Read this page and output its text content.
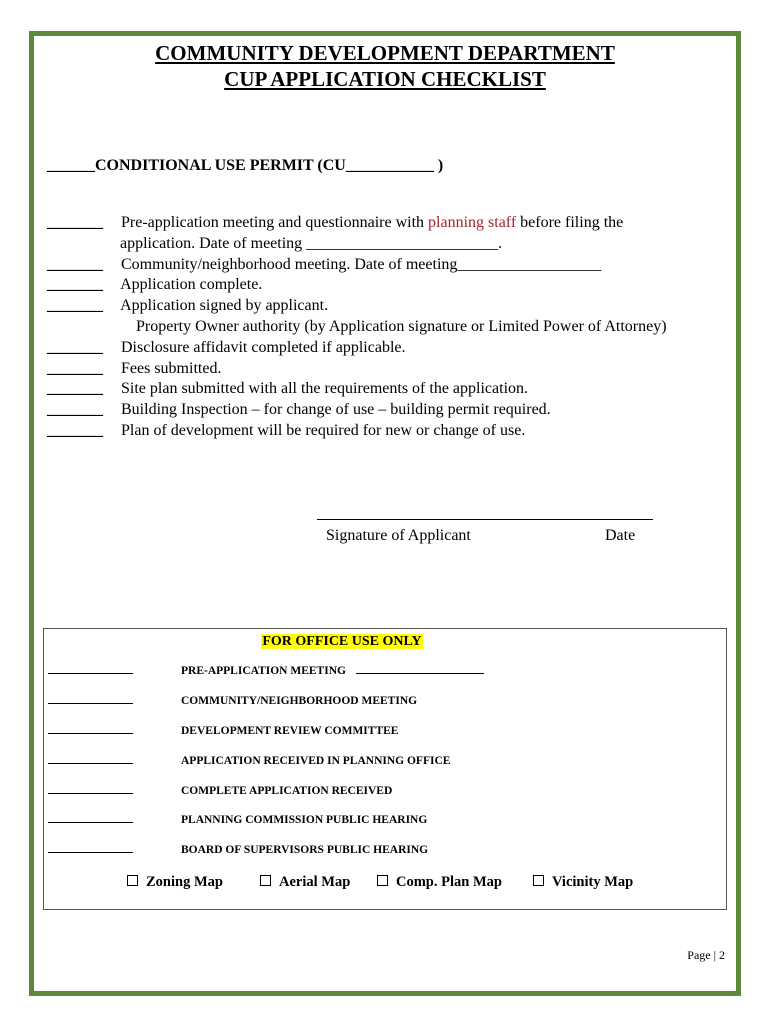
COMMUNITY DEVELOPMENT DEPARTMENT
CUP APPLICATION CHECKLIST
______CONDITIONAL USE PERMIT (CU___________ )
_______ Pre-application meeting and questionnaire with planning staff before filing the
application. Date of meeting ________________________.
_______ Community/neighborhood meeting. Date of meeting__________________
_______ Application complete.
_______ Application signed by applicant.
Property Owner authority (by Application signature or Limited Power of Attorney)
_______ Disclosure affidavit completed if applicable.
_______ Fees submitted.
_______ Site plan submitted with all the requirements of the application.
_______ Building Inspection – for change of use – building permit required.
_______ Plan of development will be required for new or change of use.
Signature of Applicant	Date
FOR OFFICE USE ONLY
PRE-APPLICATION MEETING
COMMUNITY/NEIGHBORHOOD MEETING
DEVELOPMENT REVIEW COMMITTEE
APPLICATION RECEIVED IN PLANNING OFFICE
COMPLETE APPLICATION RECEIVED
PLANNING COMMISSION PUBLIC HEARING
BOARD OF SUPERVISORS PUBLIC HEARING
Zoning Map	Aerial Map	Comp. Plan Map	Vicinity Map
Page | 2
